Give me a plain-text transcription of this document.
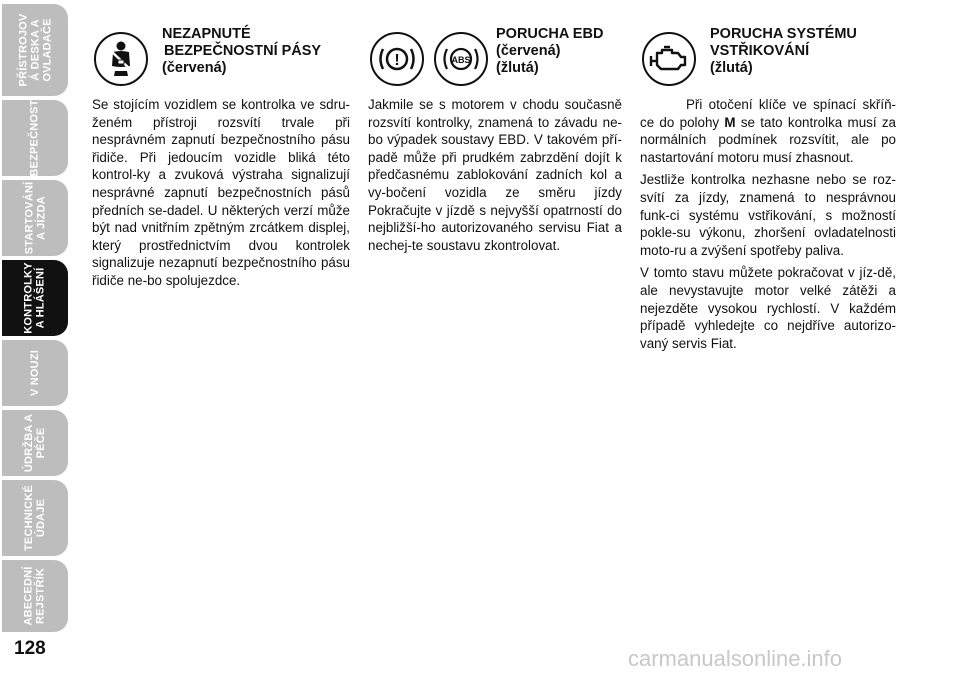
PŘÍSTROJOV Á DESKA A OVLADAČE
BEZPEČNOST
STARTOVÁNÍ A JÍZDA
KONTROLKY A HLÁŠENÍ
V NOUZI
ÚDRŽBA A PÉČE
TECHNICKÉ ÚDAJE
ABECEDNÍ REJSTŘÍK
128
NEZAPNUTÉ
BEZPEČNOSTNÍ PÁSY
(červená)

Se stojícím vozidlem se kontrolka ve sdru-ženém přístroji rozsvítí trvale při nesprávném zapnutí bezpečnostního pásu řidiče. Při jedoucím vozidle bliká této kontrol-ky a zvuková výstraha signalizují nesprávné zapnutí bezpečnostních pásů předních se-dadel. U některých verzí může být nad vnitřním zpětným zrcátkem displej, který prostřednictvím dvou kontrolek signalizuje nezapnutí bezpečnostního pásu řidiče ne-bo spolujezdce.

!	ABS
PORUCHA EBD
(červená)
(žlutá)

Jakmile se s motorem v chodu současně rozsvítí kontrolky, znamená to závadu ne-bo výpadek soustavy EBD. V takovém pří-padě může při prudkém zabrzdění dojít k předčasnému zablokování zadních kol a vy-bočení vozidla ze směru jízdy Pokračujte v jízdě s nejvyšší opatrností do nejbližší-ho autorizovaného servisu Fiat a nechej-te soustavu zkontrolovat.

PORUCHA SYSTÉMU
VSTŘIKOVÁNÍ
(žlutá)

Při otočení klíče ve spínací skříň-ce do polohy M se tato kontrolka musí za normálních podmínek rozsvítit, ale po nastartování motoru musí zhasnout.

Jestliže kontrolka nezhasne nebo se roz-svítí za jízdy, znamená to nesprávnou funk-ci systému vstřikování, s možností pokle-su výkonu, zhoršení ovladatelnosti moto-ru a zvýšení spotřeby paliva.

V tomto stavu můžete pokračovat v jíz-dě, ale nevystavujte motor velké zátěži a nejezděte vysokou rychlostí. V každém případě vyhledejte co nejdříve autorizo-vaný servis Fiat.

carmanualsonline.info
